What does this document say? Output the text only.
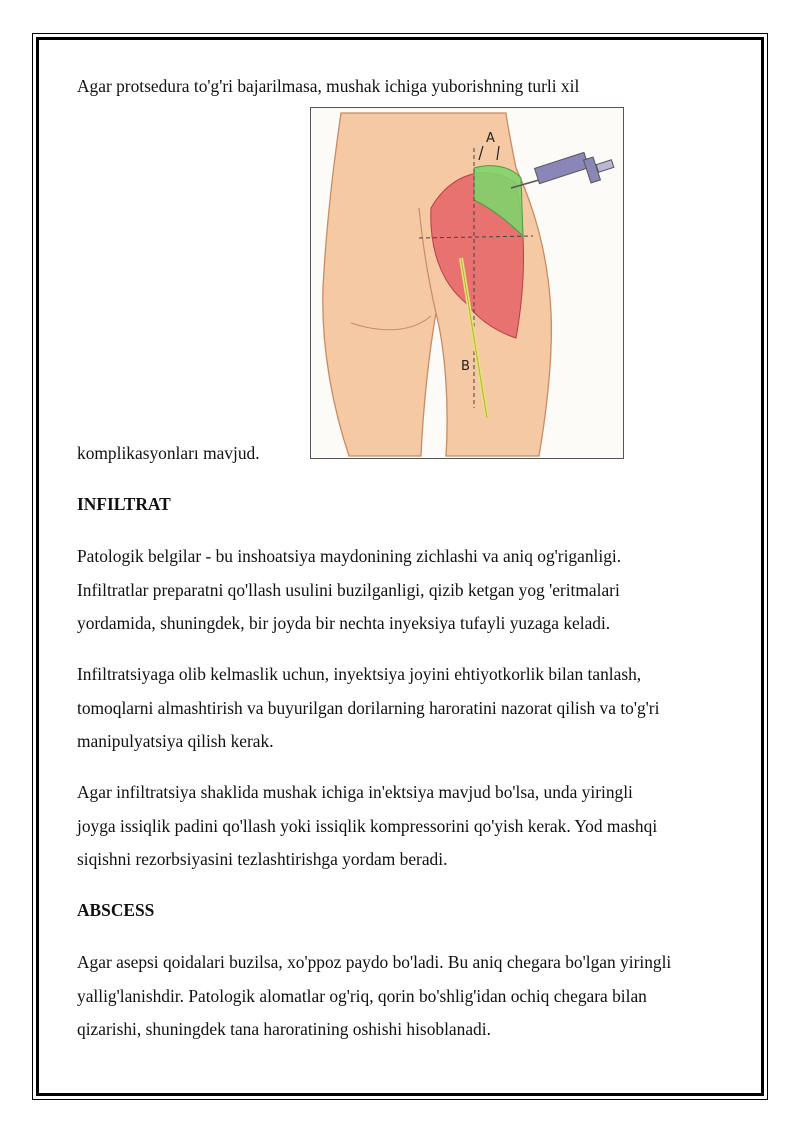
Agar protsedura to'g'ri bajarilmasa, mushak ichiga yuborishning turli xil

A
B

komplikasyonları mavjud.

INFILTRAT

Patologik belgilar - bu inshoatsiya maydonining zichlashi va aniq og'riganligi.

Infiltratlar preparatni qo'llash usulini buzilganligi, qizib ketgan yog 'eritmalari

yordamida, shuningdek, bir joyda bir nechta inyeksiya tufayli yuzaga keladi.

Infiltratsiyaga olib kelmaslik uchun, inyektsiya joyini ehtiyotkorlik bilan tanlash,

tomoqlarni almashtirish va buyurilgan dorilarning haroratini nazorat qilish va to'g'ri

manipulyatsiya qilish kerak.

Agar infiltratsiya shaklida mushak ichiga in'ektsiya mavjud bo'lsa, unda yiringli

joyga issiqlik padini qo'llash yoki issiqlik kompressorini qo'yish kerak. Yod mashqi

siqishni rezorbsiyasini tezlashtirishga yordam beradi.

ABSCESS

Agar asepsi qoidalari buzilsa, xo'ppoz paydo bo'ladi. Bu aniq chegara bo'lgan yiringli

yallig'lanishdir. Patologik alomatlar og'riq, qorin bo'shlig'idan ochiq chegara bilan

qizarishi, shuningdek tana haroratining oshishi hisoblanadi.
